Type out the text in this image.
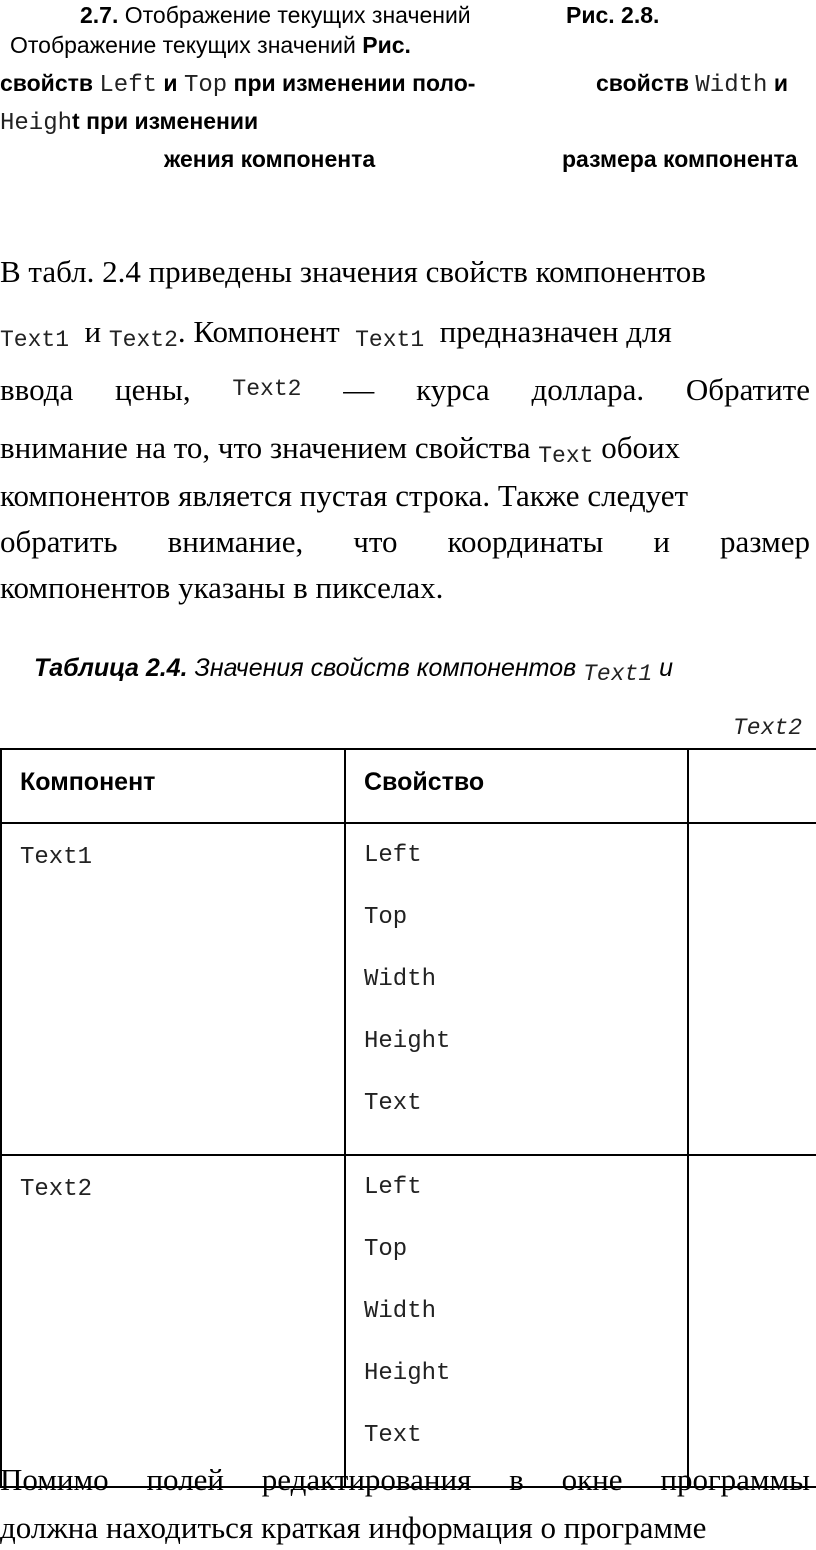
2.7. Отображение текущих значений	Рис. 2.8.
Отображение текущих значений Рис.
свойств Left и Top при изменении поло-	свойств Width и
Height при изменении
жения компонента	размера компонента
В табл. 2.4 приведены значения свойств компонентов
Text1 и Text2. Компонент Text1 предназначен для
ввода цены, Text2 — курса доллара. Обратите
внимание на то, что значением свойства Text обоих
компонентов является пустая строка. Также следует
обратить внимание, что координаты и размер
компонентов указаны в пикселах.
Таблица 2.4. Значения свойств компонентов Text1 и
Text2
Компонент	Свойство	

Text1	Left
Top
Width
Height
Text	

Text2	Left
Top
Width
Height
Text	

Помимо полей редактирования в окне программы
должна находиться краткая информация о программе
